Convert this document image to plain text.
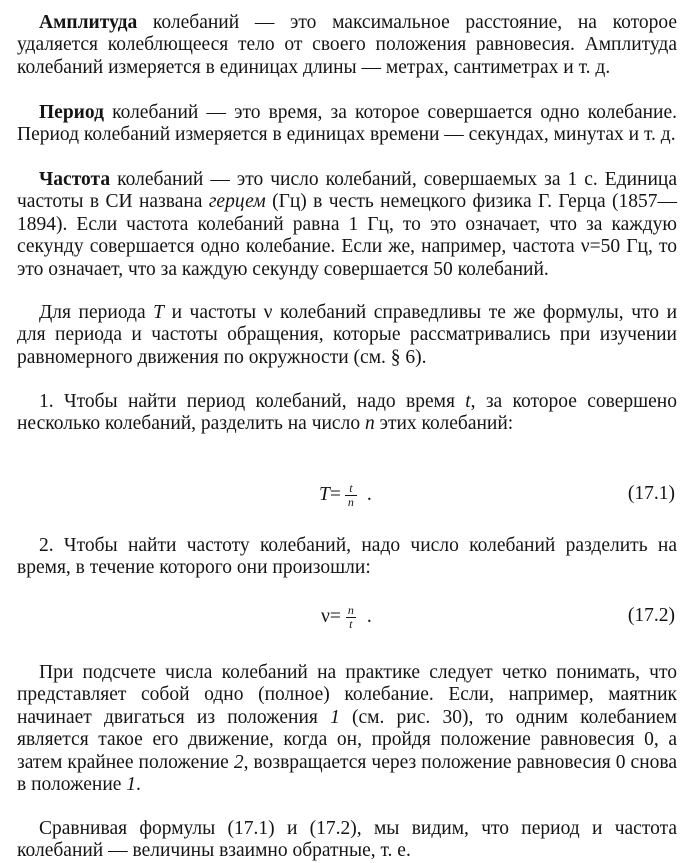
Амплитуда колебаний — это максимальное расстояние, на которое удаляется колеблющееся тело от своего положения равновесия. Амплитуда колебаний измеряется в единицах длины — метрах, сантиметрах и т. д.

Период колебаний — это время, за которое совершается одно колебание. Период колебаний измеряется в единицах времени — секундах, минутах и т. д.

Частота колебаний — это число колебаний, совершаемых за 1 с. Единица частоты в СИ названа герцем (Гц) в честь немецкого физика Г. Герца (1857—1894). Если частота колебаний равна 1 Гц, то это означает, что за каждую секунду совершается одно колебание. Если же, например, частота ν=50 Гц, то это означает, что за каждую секунду совершается 50 колебаний.

Для периода T и частоты ν колебаний справедливы те же формулы, что и для периода и частоты обращения, которые рассматривались при изучении равномерного движения по окружности (см. § 6).

1. Чтобы найти период колебаний, надо время t, за которое совершено несколько колебаний, разделить на число n этих колебаний:

$T = \frac{t}{n}$ .	(17.1)

2. Чтобы найти частоту колебаний, надо число колебаний разделить на время, в течение которого они произошли:

$\nu = \frac{n}{t}$ .	(17.2)

При подсчете числа колебаний на практике следует четко понимать, что представляет собой одно (полное) колебание. Если, например, маятник начинает двигаться из положения 1 (см. рис. 30), то одним колебанием является такое его движение, когда он, пройдя положение равновесия 0, а затем крайнее положение 2, возвращается через положение равновесия 0 снова в положение 1.

Сравнивая формулы (17.1) и (17.2), мы видим, что период и частота колебаний — величины взаимно обратные, т. е.
